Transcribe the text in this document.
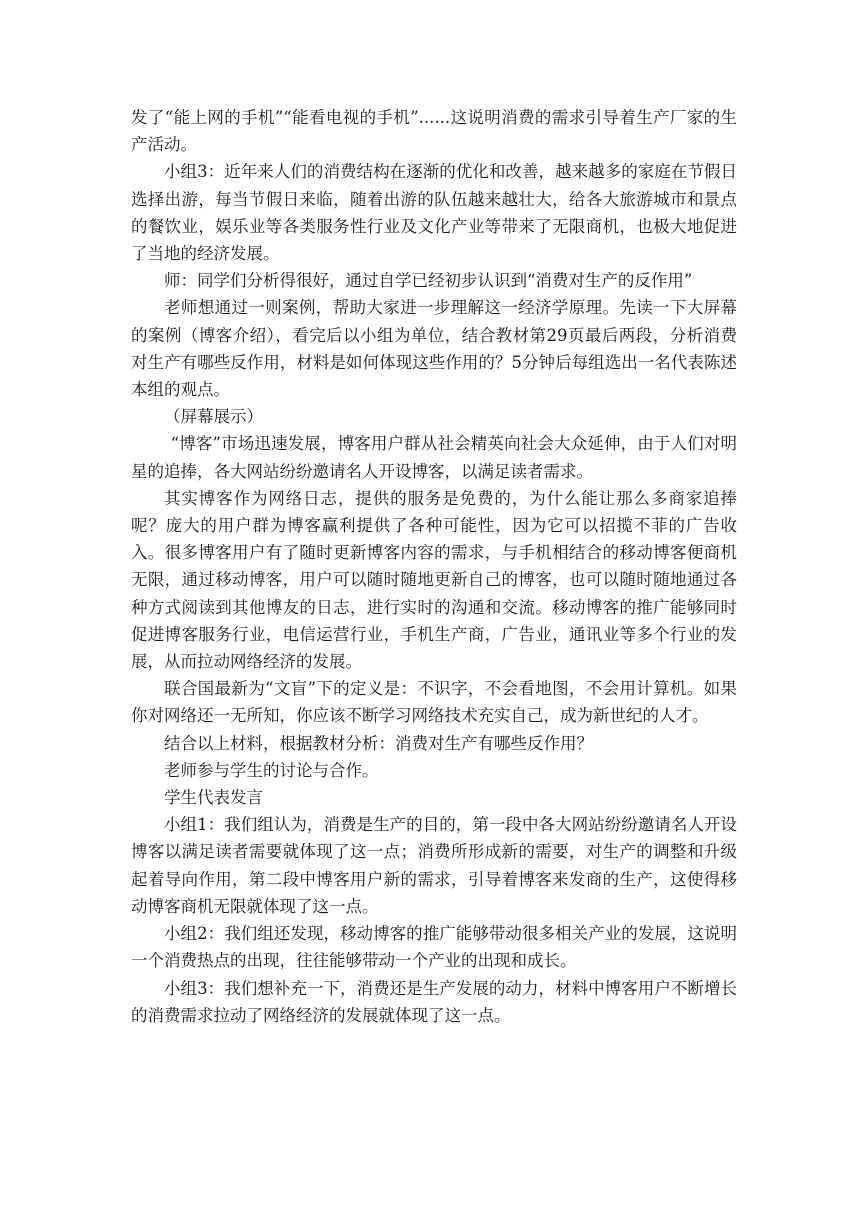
发了“能上网的手机”“能看电视的手机”......这说明消费的需求引导着生产厂家的生产活动。

小组3：近年来人们的消费结构在逐渐的优化和改善，越来越多的家庭在节假日选择出游，每当节假日来临，随着出游的队伍越来越壮大，给各大旅游城市和景点的餐饮业，娱乐业等各类服务性行业及文化产业等带来了无限商机，也极大地促进了当地的经济发展。

师：同学们分析得很好，通过自学已经初步认识到“消费对生产的反作用”

老师想通过一则案例，帮助大家进一步理解这一经济学原理。先读一下大屏幕的案例（博客介绍），看完后以小组为单位，结合教材第29页最后两段，分析消费对生产有哪些反作用，材料是如何体现这些作用的？5分钟后每组选出一名代表陈述本组的观点。

（屏幕展示）

“博客”市场迅速发展，博客用户群从社会精英向社会大众延伸，由于人们对明星的追捧，各大网站纷纷邀请名人开设博客，以满足读者需求。

其实博客作为网络日志，提供的服务是免费的，为什么能让那么多商家追捧呢？庞大的用户群为博客赢利提供了各种可能性，因为它可以招揽不菲的广告收入。很多博客用户有了随时更新博客内容的需求，与手机相结合的移动博客便商机无限，通过移动博客，用户可以随时随地更新自己的博客，也可以随时随地通过各种方式阅读到其他博友的日志，进行实时的沟通和交流。移动博客的推广能够同时促进博客服务行业，电信运营行业，手机生产商，广告业，通讯业等多个行业的发展，从而拉动网络经济的发展。

联合国最新为“文盲”下的定义是：不识字，不会看地图，不会用计算机。如果你对网络还一无所知，你应该不断学习网络技术充实自己，成为新世纪的人才。

结合以上材料，根据教材分析：消费对生产有哪些反作用？

老师参与学生的讨论与合作。

学生代表发言

小组1：我们组认为，消费是生产的目的，第一段中各大网站纷纷邀请名人开设博客以满足读者需要就体现了这一点；消费所形成新的需要，对生产的调整和升级起着导向作用，第二段中博客用户新的需求，引导着博客来发商的生产，这使得移动博客商机无限就体现了这一点。

小组2：我们组还发现，移动博客的推广能够带动很多相关产业的发展，这说明一个消费热点的出现，往往能够带动一个产业的出现和成长。

小组3：我们想补充一下，消费还是生产发展的动力，材料中博客用户不断增长的消费需求拉动了网络经济的发展就体现了这一点。
